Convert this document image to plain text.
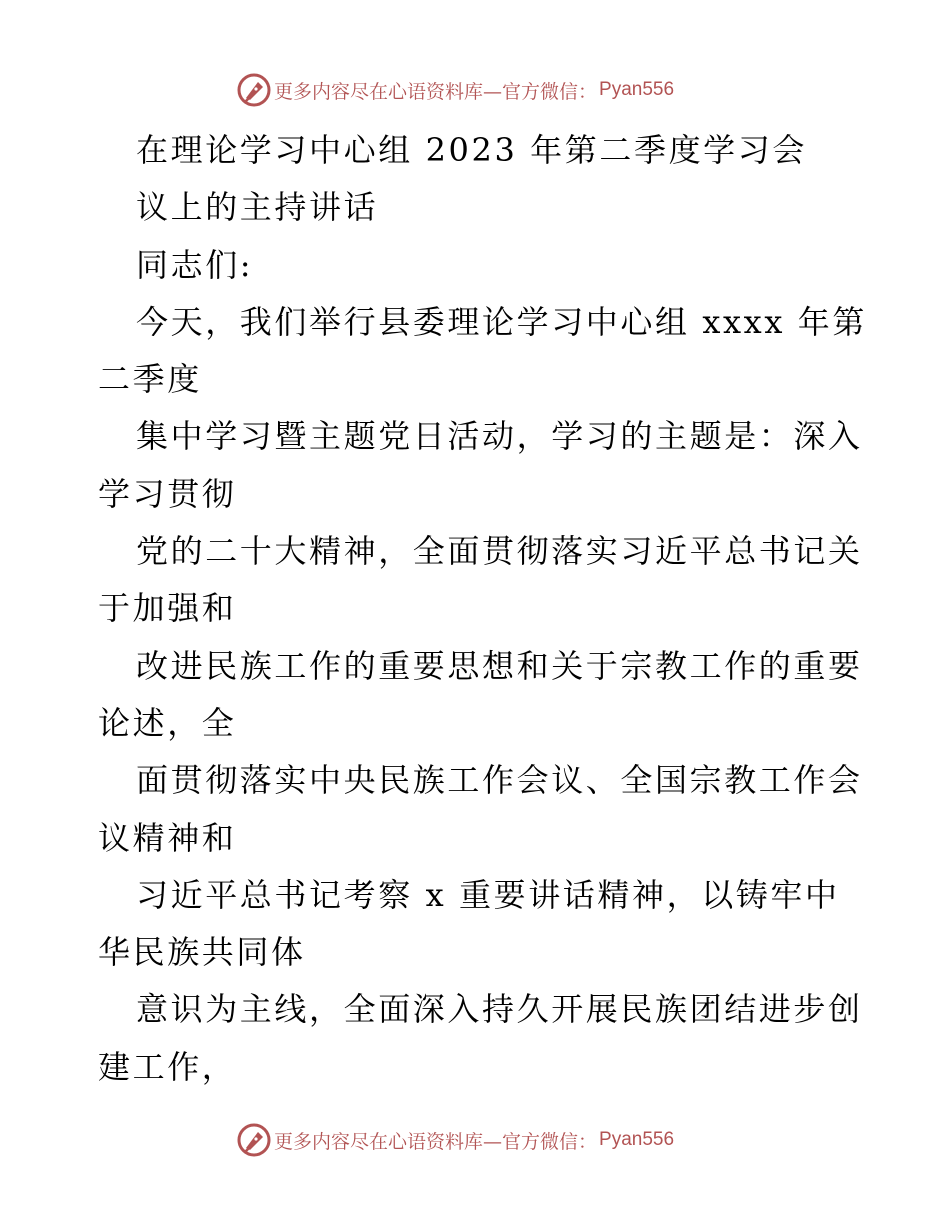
更多内容尽在心语资料库—官方微信： Pyan556
在理论学习中心组 2023 年第二季度学习会
议上的主持讲话
同志们:
今天，我们举行县委理论学习中心组 xxxx 年第
二季度
集中学习暨主题党日活动，学习的主题是：深入
学习贯彻
党的二十大精神，全面贯彻落实习近平总书记关
于加强和
改进民族工作的重要思想和关于宗教工作的重要
论述，全
面贯彻落实中央民族工作会议、全国宗教工作会
议精神和
习近平总书记考察 x 重要讲话精神，以铸牢中
华民族共同体
意识为主线，全面深入持久开展民族团结进步创
建工作，
更多内容尽在心语资料库—官方微信： Pyan556
